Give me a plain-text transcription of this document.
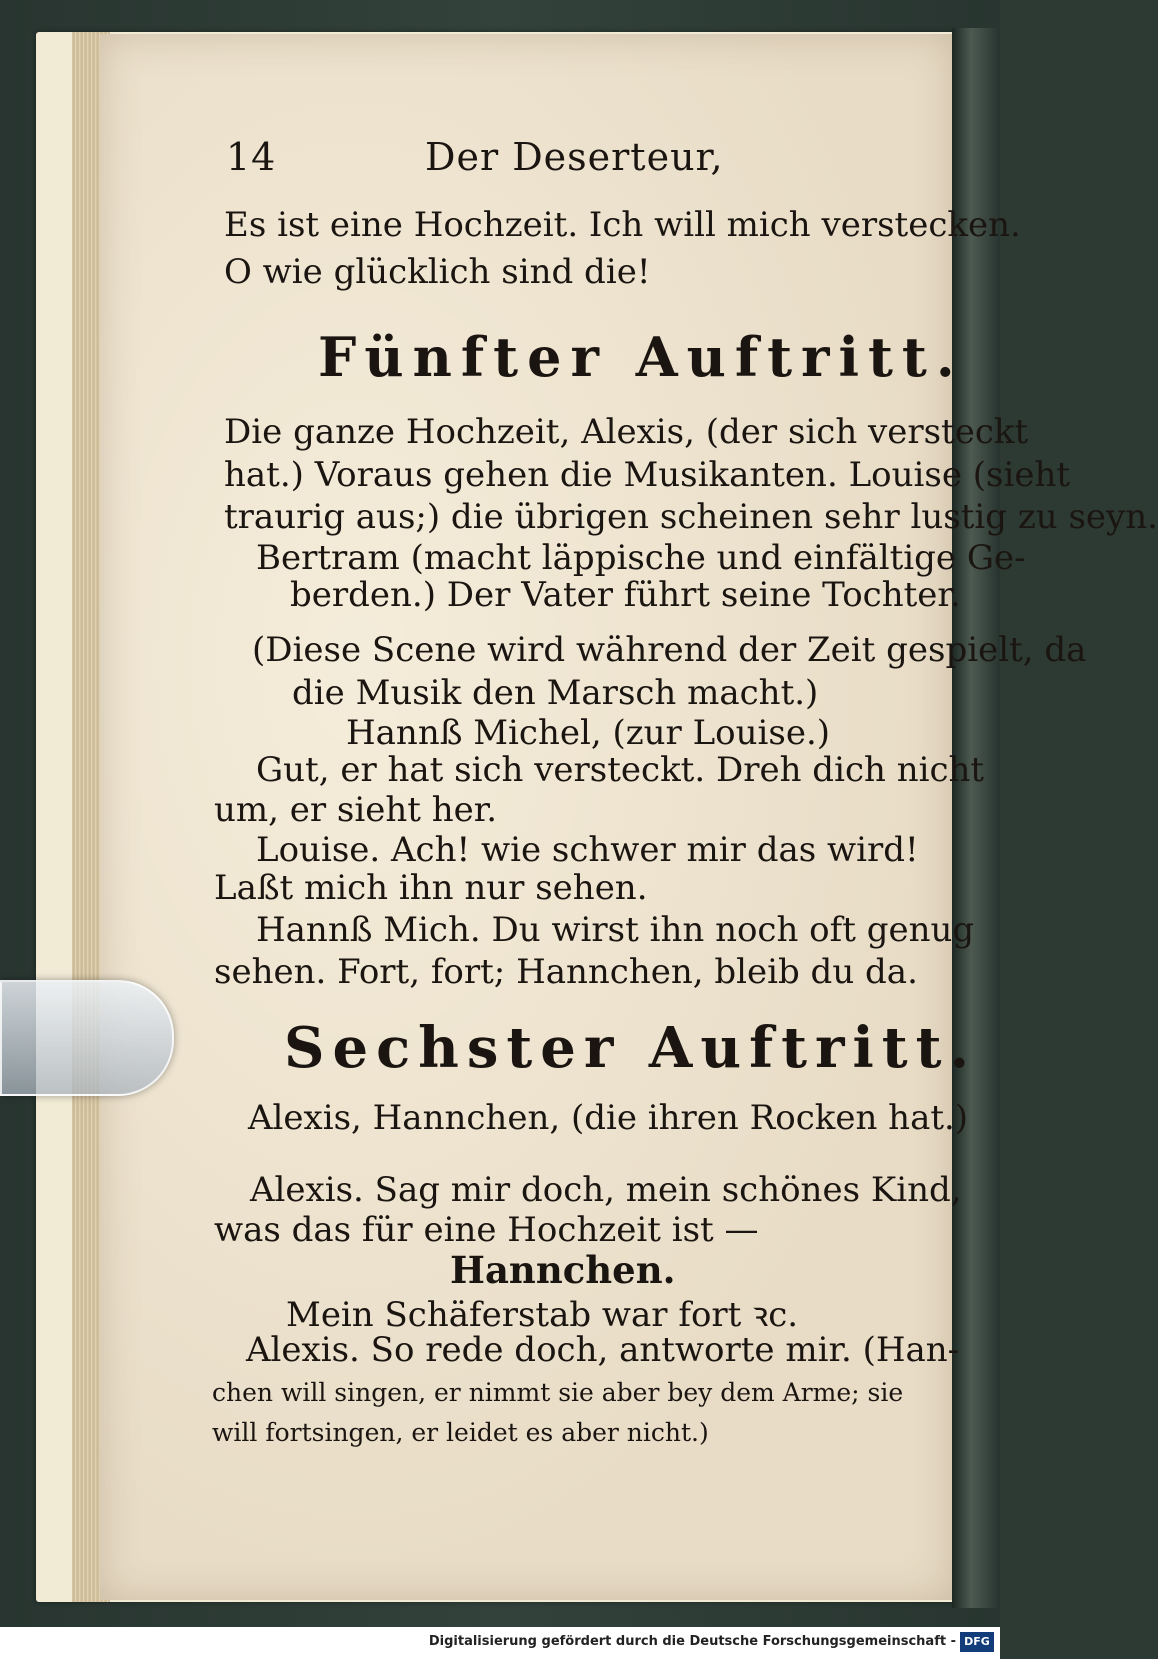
14	Der Deserteur,
Es ist eine Hochzeit. Ich will mich verstecken.
O wie glücklich sind die!
Fünfter Auftritt.
Die ganze Hochzeit, Alexis, (der sich versteckt
hat.) Voraus gehen die Musikanten. Louise (sieht
traurig aus;) die übrigen scheinen sehr lustig zu seyn.
Bertram (macht läppische und einfältige Ge-
berden.) Der Vater führt seine Tochter.
(Diese Scene wird während der Zeit gespielt, da
die Musik den Marsch macht.)
Hannß Michel, (zur Louise.)
Gut, er hat sich versteckt. Dreh dich nicht
um, er sieht her.
Louise. Ach! wie schwer mir das wird!
Laßt mich ihn nur sehen.
Hannß Mich. Du wirst ihn noch oft genug
sehen. Fort, fort; Hannchen, bleib du da.
Sechster Auftritt.
Alexis, Hannchen, (die ihren Rocken hat.)
Alexis. Sag mir doch, mein schönes Kind,
was das für eine Hochzeit ist —
Hannchen.
Mein Schäferstab war fort ꝛc.
Alexis. So rede doch, antworte mir. (Han-
chen will singen, er nimmt sie aber bey dem Arme; sie
will fortsingen, er leidet es aber nicht.)
Digitalisierung gefördert durch die Deutsche Forschungsgemeinschaft - DFG
